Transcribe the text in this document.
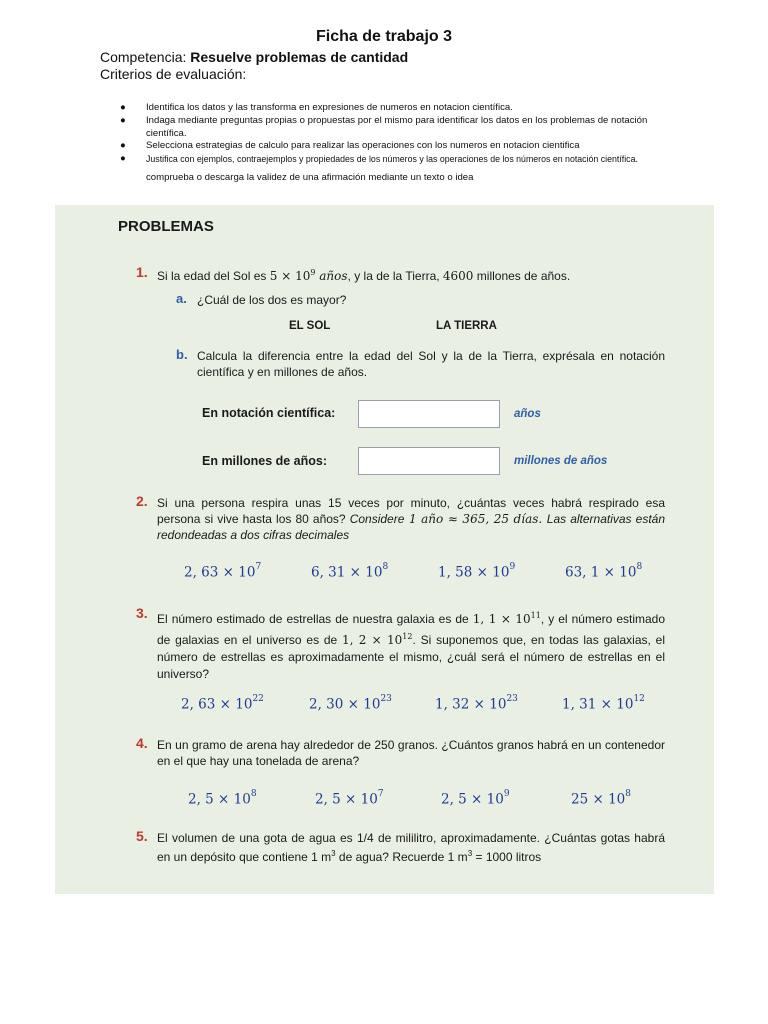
Ficha de trabajo 3
Competencia: Resuelve problemas de cantidad
Criterios de evaluación:
● Identifica los datos y las transforma en expresiones de numeros en notacion científica.
● Indaga mediante preguntas propias o propuestas por el mismo para identificar los datos en los problemas de notación científica.
● Selecciona estrategias de calculo para realizar las operaciones con los numeros en notacion cientifica
● Justifica con ejemplos, contraejemplos y propiedades de los números y las operaciones de los números en notación científica.
comprueba o descarga la validez de una afirmación mediante un texto o idea
PROBLEMAS
1. Si la edad del Sol es $5 \times 10^9$ años, y la de la Tierra, 4600 millones de años.
a. ¿Cuál de los dos es mayor?
EL SOL	LA TIERRA
b. Calcula la diferencia entre la edad del Sol y la de la Tierra, exprésala en notación científica y en millones de años.
En notación científica:	años
En millones de años:	millones de años
2. Si una persona respira unas 15 veces por minuto, ¿cuántas veces habrá respirado esa persona si vive hasta los 80 años? Considere 1 año ≈ 365, 25 días. Las alternativas están redondeadas a dos cifras decimales
2, $63 \times 10^7$	6, $31 \times 10^8$	1, $58 \times 10^9$	63, $1 \times 10^8$
3. El número estimado de estrellas de nuestra galaxia es de 1, $1 \times 10^{11}$, y el número estimado de galaxias en el universo es de 1, $2 \times 10^{12}$. Si suponemos que, en todas las galaxias, el número de estrellas es aproximadamente el mismo, ¿cuál será el número de estrellas en el universo?
2, $63 \times 10^{22}$	2, $30 \times 10^{23}$	1, $32 \times 10^{23}$	1, $31 \times 10^{12}$
4. En un gramo de arena hay alrededor de 250 granos. ¿Cuántos granos habrá en un contenedor en el que hay una tonelada de arena?
2, $5 \times 10^8$	2, $5 \times 10^7$	2, $5 \times 10^9$	$25 \times 10^8$
5. El volumen de una gota de agua es 1/4 de mililitro, aproximadamente. ¿Cuántas gotas habrá en un depósito que contiene 1 $m^3$ de agua? Recuerde 1 $m^3 = 1000$ litros
